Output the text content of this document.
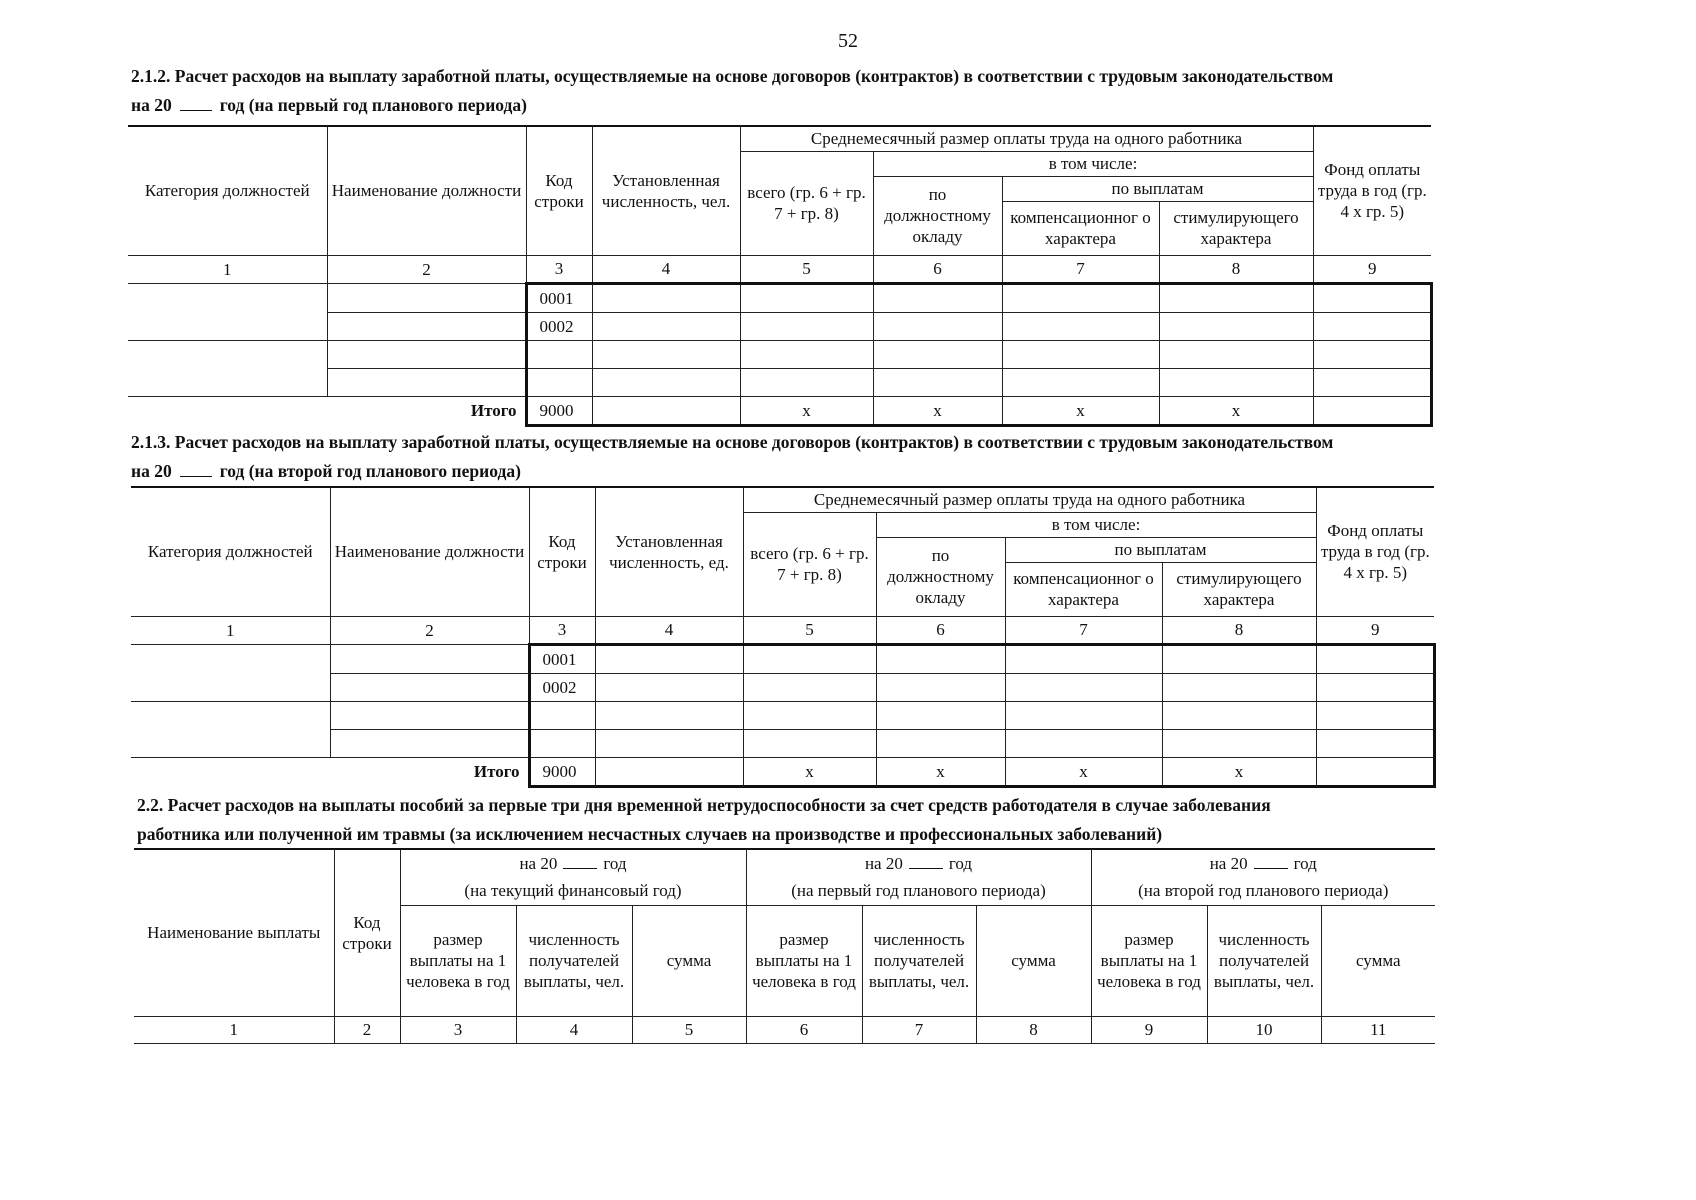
52
2.1.2. Расчет расходов на выплату заработной платы, осуществляемые на основе договоров (контрактов) в соответствии с трудовым законодательством
на 20	год (на первый год планового периода)
Категория должностей	Наименование должности	Код строки	Установленная численность, чел.	Среднемесячный размер оплаты труда на одного работника				Фонд оплаты труда в год (гр. 4 х гр. 5)
				всего (гр. 6 + гр. 7 + гр. 8)	в том числе:			
					по должностному окладу	по выплатам		
						компенсационног о характера	стимулирующего характера	
1	2	3	4	5	6	7	8	9
		0001						
		0002						

Итого		9000		х	х	х	х	
2.1.3. Расчет расходов на выплату заработной платы, осуществляемые на основе договоров (контрактов) в соответствии с трудовым законодательством
на 20	год (на второй год планового периода)
Категория должностей	Наименование должности	Код строки	Установленная численность, ед.	Среднемесячный размер оплаты труда на одного работника				Фонд оплаты труда в год (гр. 4 х гр. 5)
				всего (гр. 6 + гр. 7 + гр. 8)	в том числе:			
					по должностному окладу	по выплатам		
						компенсационног о характера	стимулирующего характера	
1	2	3	4	5	6	7	8	9
		0001						
		0002						

Итого		9000		х	х	х	х	
2.2. Расчет расходов на выплаты пособий за первые три дня временной нетрудоспособности за счет средств работодателя в случае заболевания
работника или полученной им травмы (за исключением несчастных случаев на производстве и профессиональных заболеваний)
Наименование выплаты	Код строки	на 20 год			на 20 год			на 20 год		
		(на текущий финансовый год)			(на первый год планового периода)			(на второй год планового периода)		
		размер выплаты на 1 человека в год	численность получателей выплаты, чел.	сумма	размер выплаты на 1 человека в год	численность получателей выплаты, чел.	сумма	размер выплаты на 1 человека в год	численность получателей выплаты, чел.	сумма
1	2	3	4	5	6	7	8	9	10	11
